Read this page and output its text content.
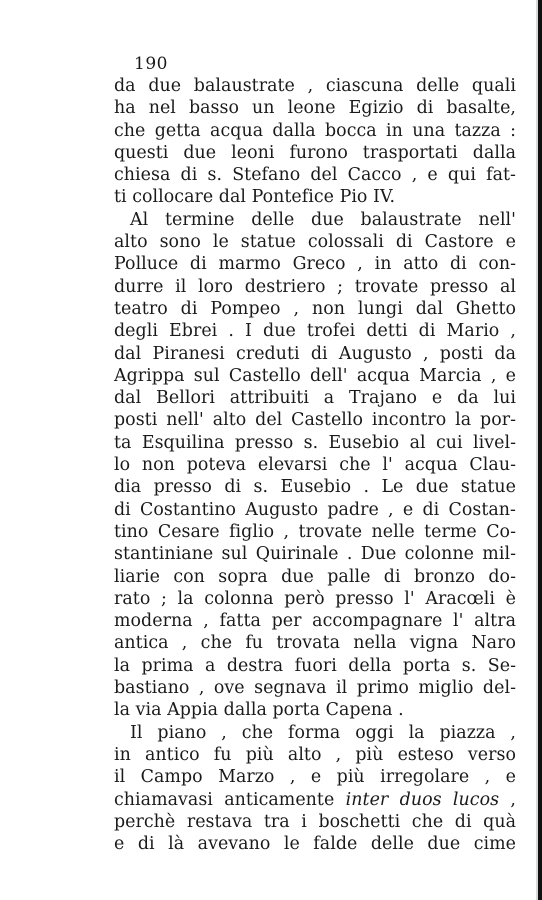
190
da due balaustrate , ciascuna delle quali
ha nel basso un leone Egizio di basalte,
che getta acqua dalla bocca in una tazza :
questi due leoni furono trasportati dalla
chiesa di s. Stefano del Cacco , e qui fat-
ti collocare dal Pontefice Pio IV.
Al termine delle due balaustrate nell'
alto sono le statue colossali di Castore e
Polluce di marmo Greco , in atto di con-
durre il loro destriero ; trovate presso al
teatro di Pompeo , non lungi dal Ghetto
degli Ebrei . I due trofei detti di Mario ,
dal Piranesi creduti di Augusto , posti da
Agrippa sul Castello dell' acqua Marcia , e
dal Bellori attribuiti a Trajano e da lui
posti nell' alto del Castello incontro la por-
ta Esquilina presso s. Eusebio al cui livel-
lo non poteva elevarsi che l' acqua Clau-
dia presso di s. Eusebio . Le due statue
di Costantino Augusto padre , e di Costan-
tino Cesare figlio , trovate nelle terme Co-
stantiniane sul Quirinale . Due colonne mil-
liarie con sopra due palle di bronzo do-
rato ; la colonna però presso l' Aracœli è
moderna , fatta per accompagnare l' altra
antica , che fu trovata nella vigna Naro
la prima a destra fuori della porta s. Se-
bastiano , ove segnava il primo miglio del-
la via Appia dalla porta Capena .
Il piano , che forma oggi la piazza ,
in antico fu più alto , più esteso verso
il Campo Marzo , e più irregolare , e
chiamavasi anticamente inter duos lucos ,
perchè restava tra i boschetti che di quà
e di là avevano le falde delle due cime
